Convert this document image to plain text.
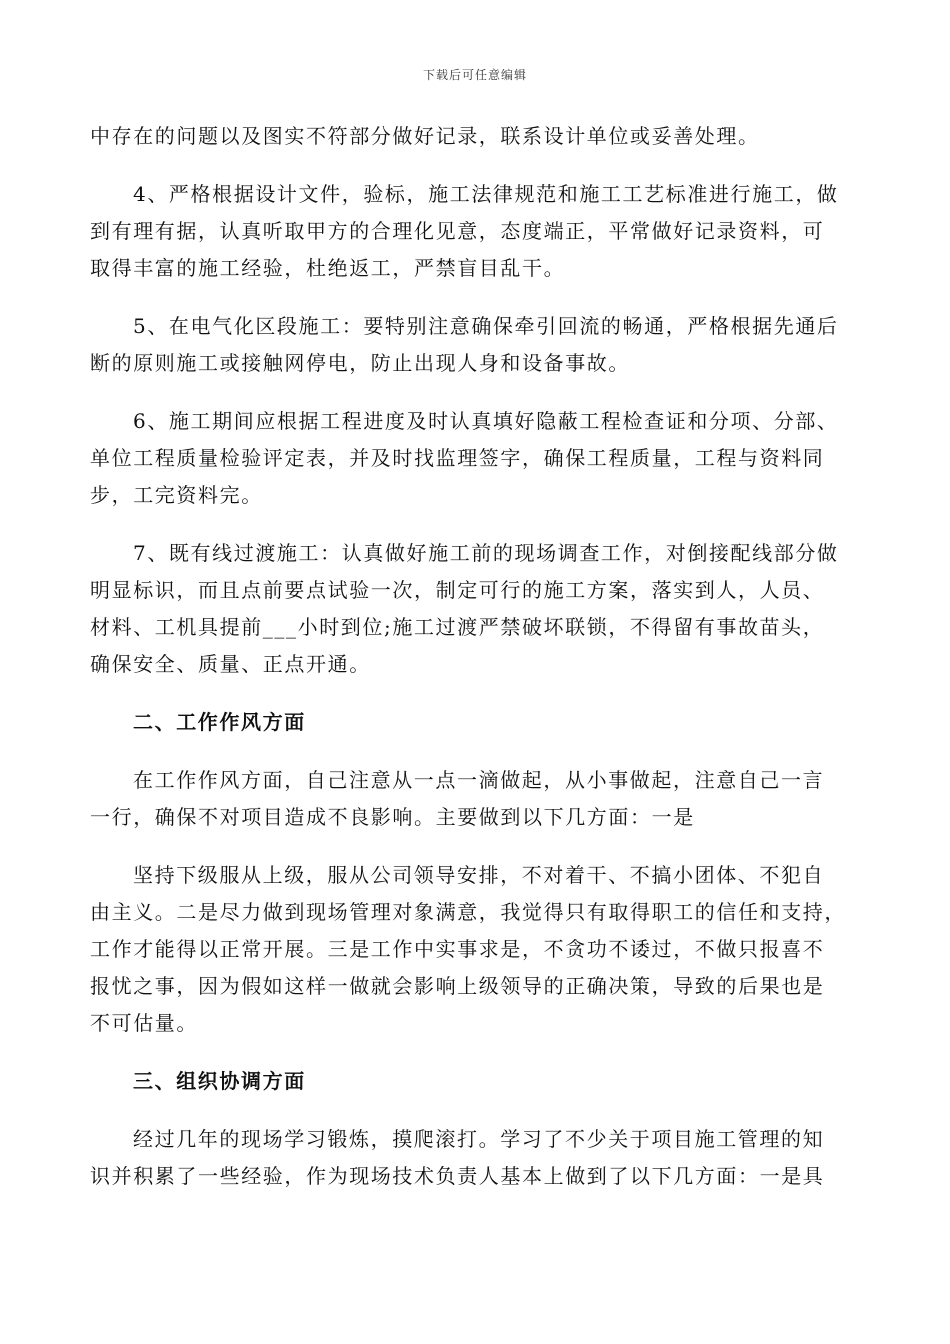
下载后可任意编辑
中存在的问题以及图实不符部分做好记录，联系设计单位或妥善处理。
4、严格根据设计文件，验标，施工法律规范和施工工艺标准进行施工，做
到有理有据，认真听取甲方的合理化见意，态度端正，平常做好记录资料，可
取得丰富的施工经验，杜绝返工，严禁盲目乱干。
5、在电气化区段施工：要特别注意确保牵引回流的畅通，严格根据先通后
断的原则施工或接触网停电，防止出现人身和设备事故。
6、施工期间应根据工程进度及时认真填好隐蔽工程检查证和分项、分部、
单位工程质量检验评定表，并及时找监理签字，确保工程质量，工程与资料同
步，工完资料完。
7、既有线过渡施工：认真做好施工前的现场调查工作，对倒接配线部分做
明显标识，而且点前要点试验一次，制定可行的施工方案，落实到人，人员、
材料、工机具提前___小时到位;施工过渡严禁破坏联锁，不得留有事故苗头，
确保安全、质量、正点开通。
二、工作作风方面
在工作作风方面，自己注意从一点一滴做起，从小事做起，注意自己一言
一行，确保不对项目造成不良影响。主要做到以下几方面：一是
坚持下级服从上级，服从公司领导安排，不对着干、不搞小团体、不犯自
由主义。二是尽力做到现场管理对象满意，我觉得只有取得职工的信任和支持，
工作才能得以正常开展。三是工作中实事求是，不贪功不诿过，不做只报喜不
报忧之事，因为假如这样一做就会影响上级领导的正确决策，导致的后果也是
不可估量。
三、组织协调方面
经过几年的现场学习锻炼，摸爬滚打。学习了不少关于项目施工管理的知
识并积累了一些经验，作为现场技术负责人基本上做到了以下几方面：一是具
